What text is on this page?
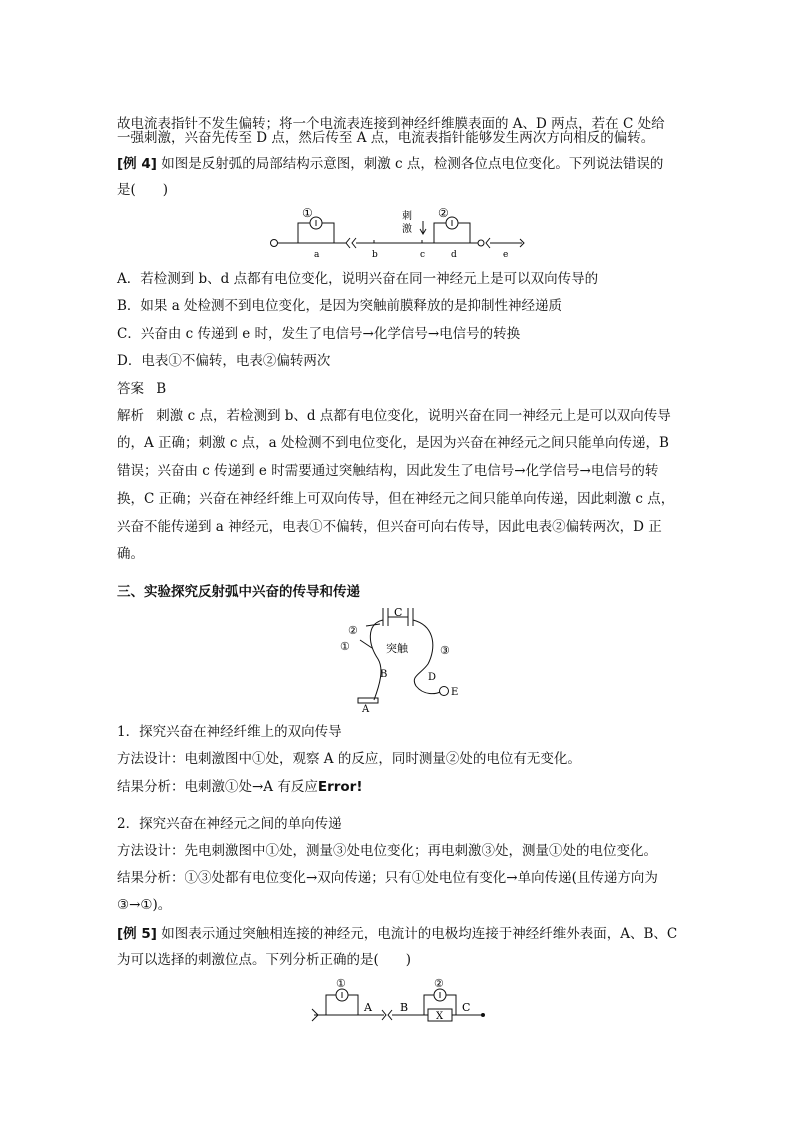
故电流表指针不发生偏转；将一个电流表连接到神经纤维膜表面的 A、D 两点，若在 C 处给
一强刺激，兴奋先传至 D 点，然后传至 A 点，电流表指针能够发生两次方向相反的偏转。
[例 4] 如图是反射弧的局部结构示意图，刺激 c 点，检测各位点电位变化。下列说法错误的
是(　　)
①	②
刺
激
a	b	c	d	e
A．若检测到 b、d 点都有电位变化，说明兴奋在同一神经元上是可以双向传导的
B．如果 a 处检测不到电位变化，是因为突触前膜释放的是抑制性神经递质
C．兴奋由 c 传递到 e 时，发生了电信号→化学信号→电信号的转换
D．电表①不偏转，电表②偏转两次
答案 B
解析 刺激 c 点，若检测到 b、d 点都有电位变化，说明兴奋在同一神经元上是可以双向传导
的，A 正确；刺激 c 点，a 处检测不到电位变化，是因为兴奋在神经元之间只能单向传递，B
错误；兴奋由 c 传递到 e 时需要通过突触结构，因此发生了电信号→化学信号→电信号的转
换，C 正确；兴奋在神经纤维上可双向传导，但在神经元之间只能单向传递，因此刺激 c 点，
兴奋不能传递到 a 神经元，电表①不偏转，但兴奋可向右传导，因此电表②偏转两次，D 正
确。
三、实验探究反射弧中兴奋的传导和传递
C
突触
①
②
③
B
A
D
E
1．探究兴奋在神经纤维上的双向传导
方法设计：电刺激图中①处，观察 A 的反应，同时测量②处的电位有无变化。
结果分析：电刺激①处→A 有反应Error!
2．探究兴奋在神经元之间的单向传递
方法设计：先电刺激图中①处，测量③处电位变化；再电刺激③处，测量①处的电位变化。
结果分析：①③处都有电位变化→双向传递；只有①处电位有变化→单向传递(且传递方向为
③→①)。
[例 5] 如图表示通过突触相连接的神经元，电流计的电极均连接于神经纤维外表面，A、B、C
为可以选择的刺激位点。下列分析正确的是(　　)
①	②
A	B	C
X
